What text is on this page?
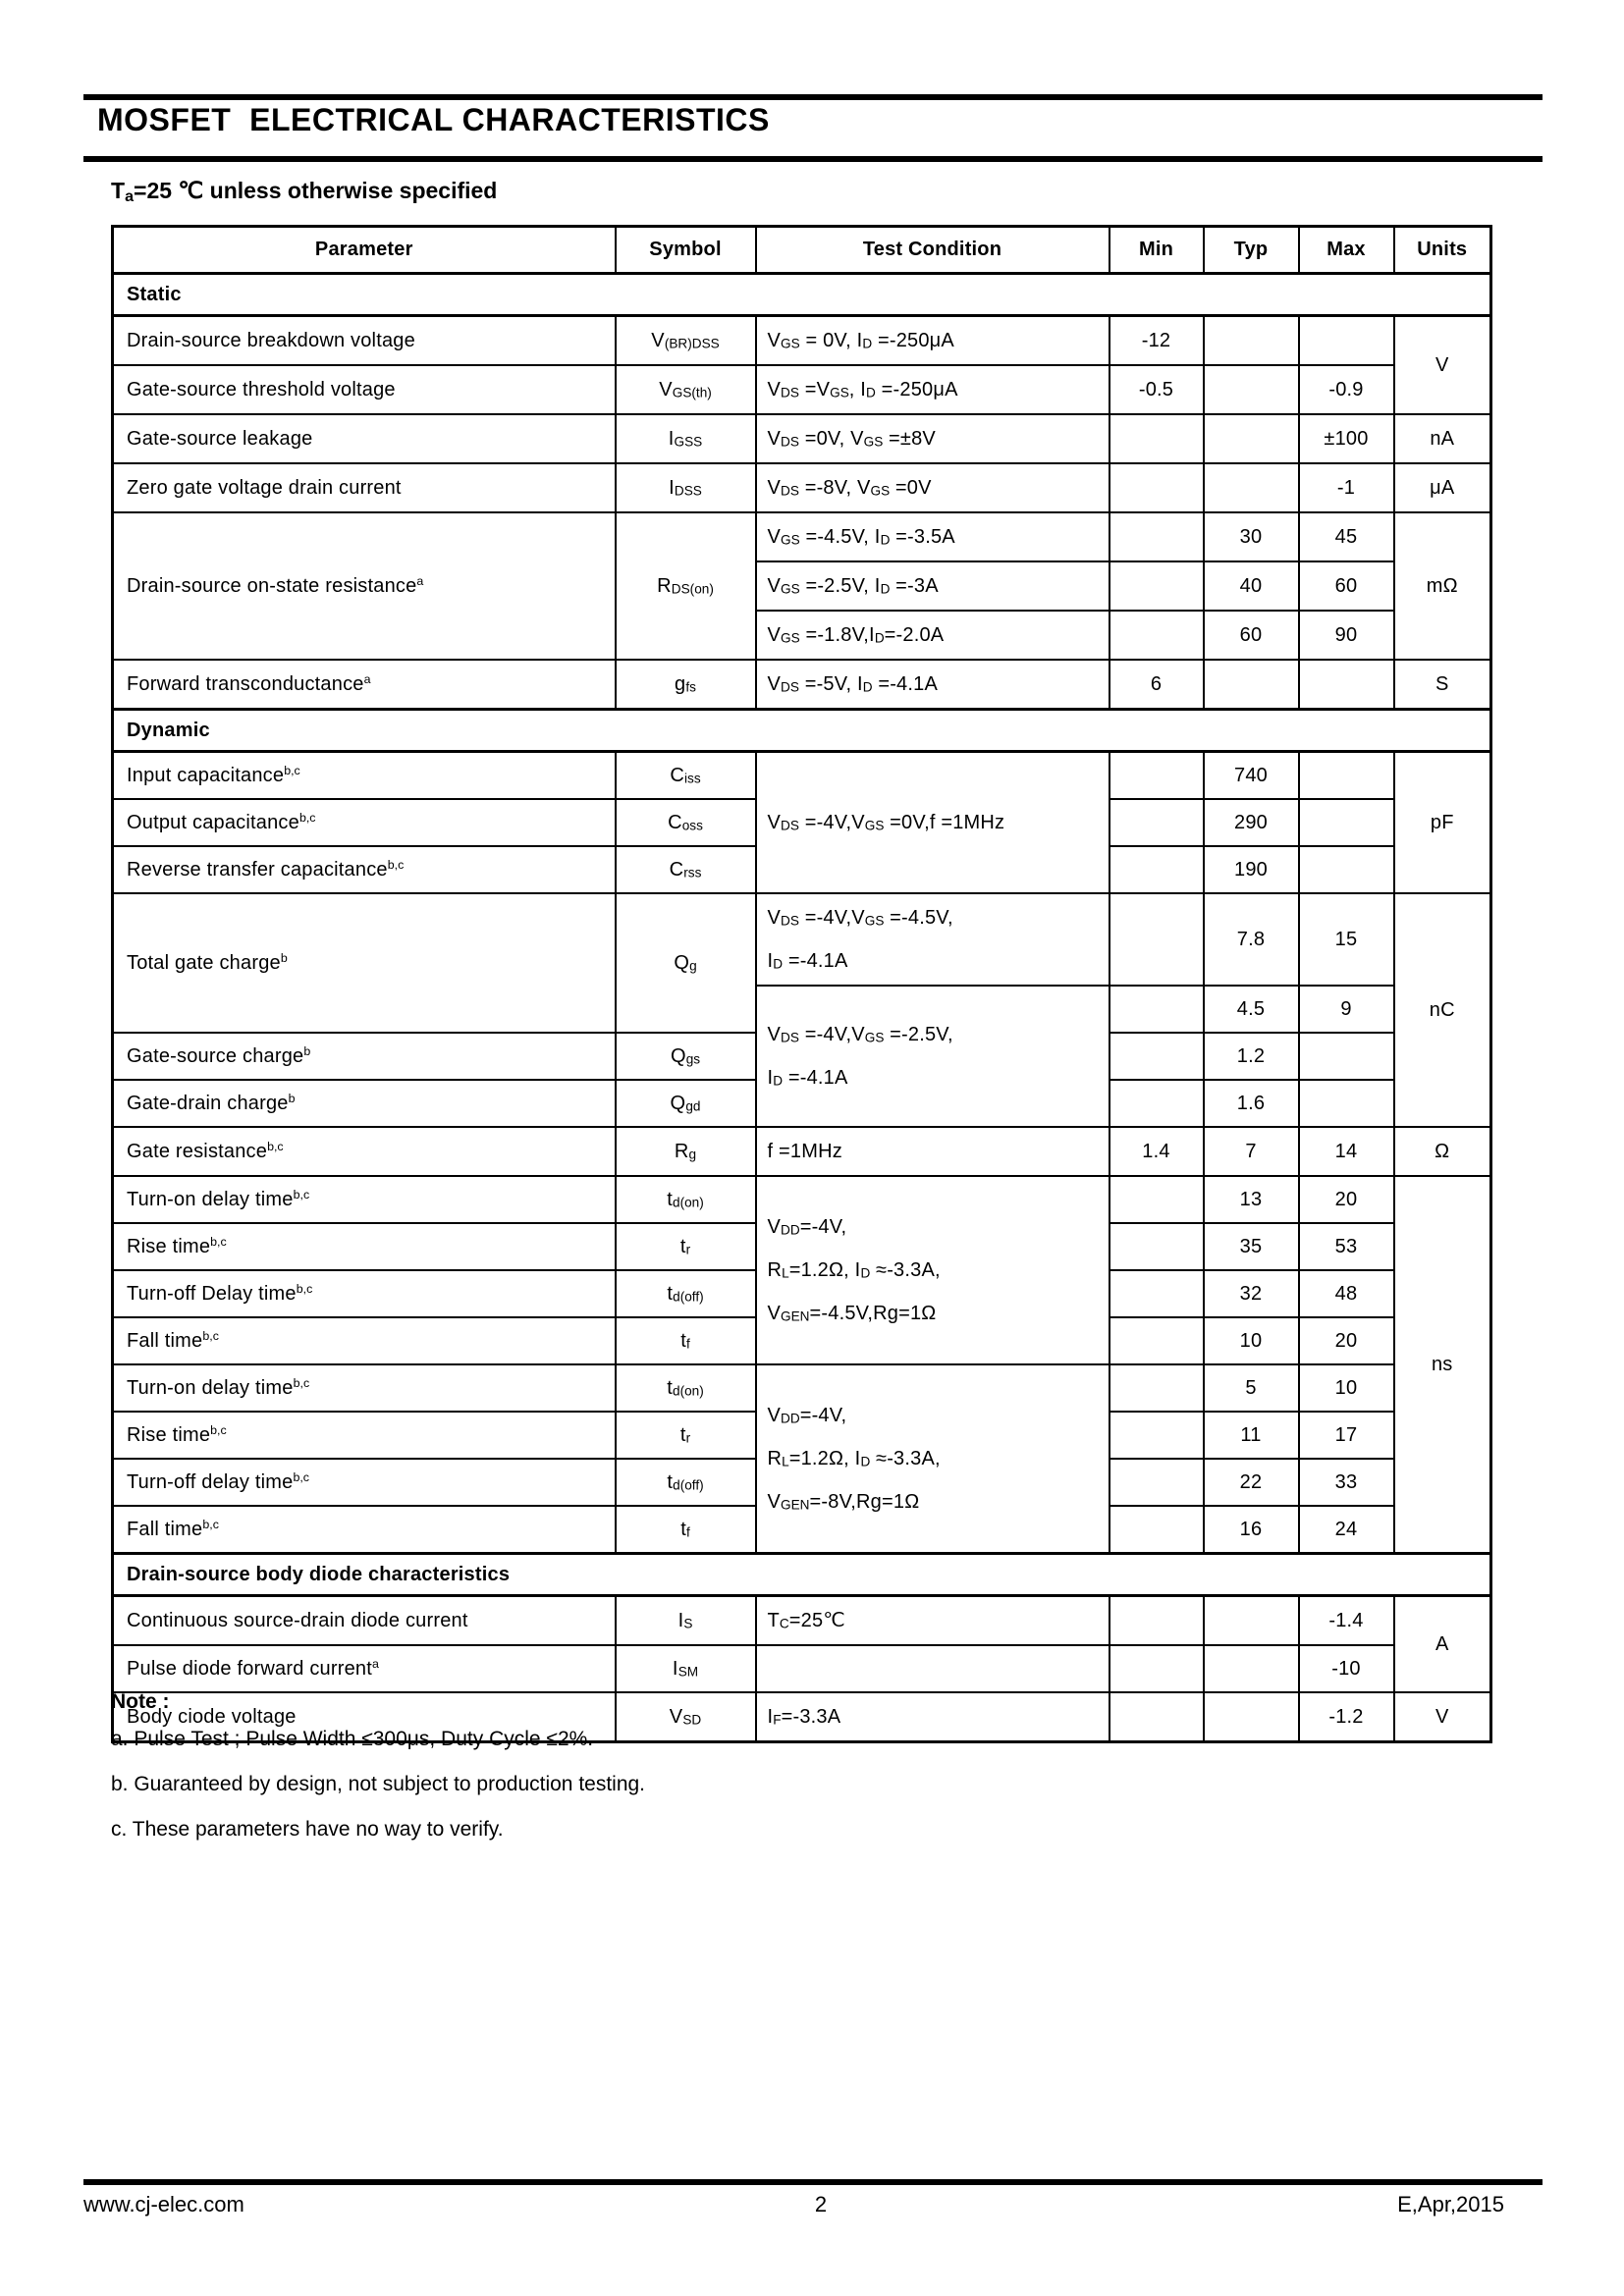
MOSFET  ELECTRICAL CHARACTERISTICS
$T_a=25$ ℃ unless otherwise specified
Parameter	Symbol	Test Condition	Min	Typ	Max	Units
Static						
Drain-source breakdown voltage	$V_{(BR)DSS}$	$V_{GS} = 0V$, $I_D =-250\mu A$	-12			V
Gate-source threshold voltage	$V_{GS(th)}$	$V_{DS} =V_{GS}$, $I_D =-250\mu A$	-0.5		-0.9	
Gate-source leakage	$I_{GSS}$	$V_{DS} =0V$, $V_{GS} =\pm 8V$			±100	nA
Zero gate voltage drain current	$I_{DSS}$	$V_{DS} =-8V$, $V_{GS} =0V$			-1	μA
Drain-source on-state resistance$^a$	$R_{DS(on)}$	$V_{GS} =-4.5V$, $I_D =-3.5A$		30	45	mΩ
		$V_{GS} =-2.5V$, $I_D =-3A$		40	60	
		$V_{GS} =-1.8V,I_D=-2.0A$		60	90	
Forward transconductance$^a$	$g_{fs}$	$V_{DS} =-5V$, $I_D =-4.1A$	6			S
Dynamic						
Input capacitance$^{b,c}$	$C_{iss}$	$V_{DS} =-4V,V_{GS} =0V,f =1MHz$		740		pF
Output capacitance$^{b,c}$	$C_{oss}$			290		
Reverse transfer capacitance$^{b,c}$	$C_{rss}$			190		
Total gate charge$^b$	$Q_g$	$V_{DS} =-4V,V_{GS} =-4.5V$,
$I_D =-4.1A$		7.8	15	nC
		$V_{DS} =-4V,V_{GS} =-2.5V$,
$I_D =-4.1A$		4.5	9	
Gate-source charge$^b$	$Q_{gs}$			1.2		
Gate-drain charge$^b$	$Q_{gd}$			1.6		
Gate resistance$^{b,c}$	$R_g$	f =1MHz	1.4	7	14	Ω
Turn-on delay time$^{b,c}$	$t_{d(on)}$	$V_{DD}=-4V$,
$R_L=1.2\Omega$, $I_D \approx-3.3A$,
$V_{GEN}=-4.5V,Rg=1\Omega$		13	20	ns
Rise time$^{b,c}$	$t_r$			35	53	
Turn-off Delay time$^{b,c}$	$t_{d(off)}$			32	48	
Fall time$^{b,c}$	$t_f$			10	20	
Turn-on delay time$^{b,c}$	$t_{d(on)}$	$V_{DD}=-4V$,
$R_L=1.2\Omega$, $I_D \approx-3.3A$,
$V_{GEN}=-8V,Rg=1\Omega$		5	10	
Rise time$^{b,c}$	$t_r$			11	17	
Turn-off delay time$^{b,c}$	$t_{d(off)}$			22	33	
Fall time$^{b,c}$	$t_f$			16	24	
Drain-source body diode characteristics						
Continuous source-drain diode current	$I_S$	$T_C=25℃$			-1.4	A
Pulse diode forward current$^a$	$I_{SM}$				-10	
Body ciode voltage	$V_{SD}$	$I_F=-3.3A$			-1.2	V
Note :
a. Pulse Test ; Pulse Width ≤300μs, Duty Cycle ≤2%.
b. Guaranteed by design, not subject to production testing.
c. These parameters have no way to verify.
www.cj-elec.com	2	E,Apr,2015
